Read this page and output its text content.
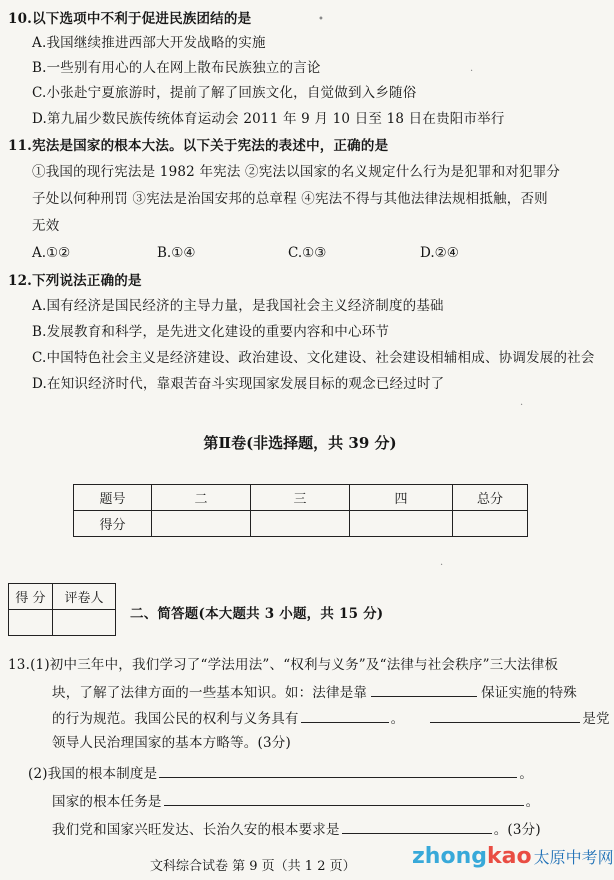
10.以下选项中不利于促进民族团结的是
A.我国继续推进西部大开发战略的实施
B.一些别有用心的人在网上散布民族独立的言论
C.小张赴宁夏旅游时，提前了解了回族文化，自觉做到入乡随俗
D.第九届少数民族传统体育运动会 2011 年 9 月 10 日至 18 日在贵阳市举行
11.宪法是国家的根本大法。以下关于宪法的表述中，正确的是
①我国的现行宪法是 1982 年宪法 ②宪法以国家的名义规定什么行为是犯罪和对犯罪分
子处以何种刑罚 ③宪法是治国安邦的总章程 ④宪法不得与其他法律法规相抵触，否则
无效
A.①②	B.①④	C.①③	D.②④
12.下列说法正确的是
A.国有经济是国民经济的主导力量，是我国社会主义经济制度的基础
B.发展教育和科学，是先进文化建设的重要内容和中心环节
C.中国特色社会主义是经济建设、政治建设、文化建设、社会建设相辅相成、协调发展的社会
D.在知识经济时代，靠艰苦奋斗实现国家发展目标的观念已经过时了
第Ⅱ卷(非选择题，共 39 分)
题号	二	三	四	总分
得分				
得 分	评卷人

二、简答题(本大题共 3 小题，共 15 分)
13.(1)初中三年中，我们学习了“学法用法”、“权利与义务”及“法律与社会秩序”三大法律板
块，了解了法律方面的一些基本知识。如：法律是靠	保证实施的特殊
的行为规范。我国公民的权利与义务具有	。	是党
领导人民治理国家的基本方略等。(3分)
(2)我国的根本制度是	。
国家的根本任务是	。
我们党和国家兴旺发达、长治久安的根本要求是	。(3分)
文科综合试卷 第 9 页（共 1 2 页）	zhongkao 太原中考网
•
·
·
·
